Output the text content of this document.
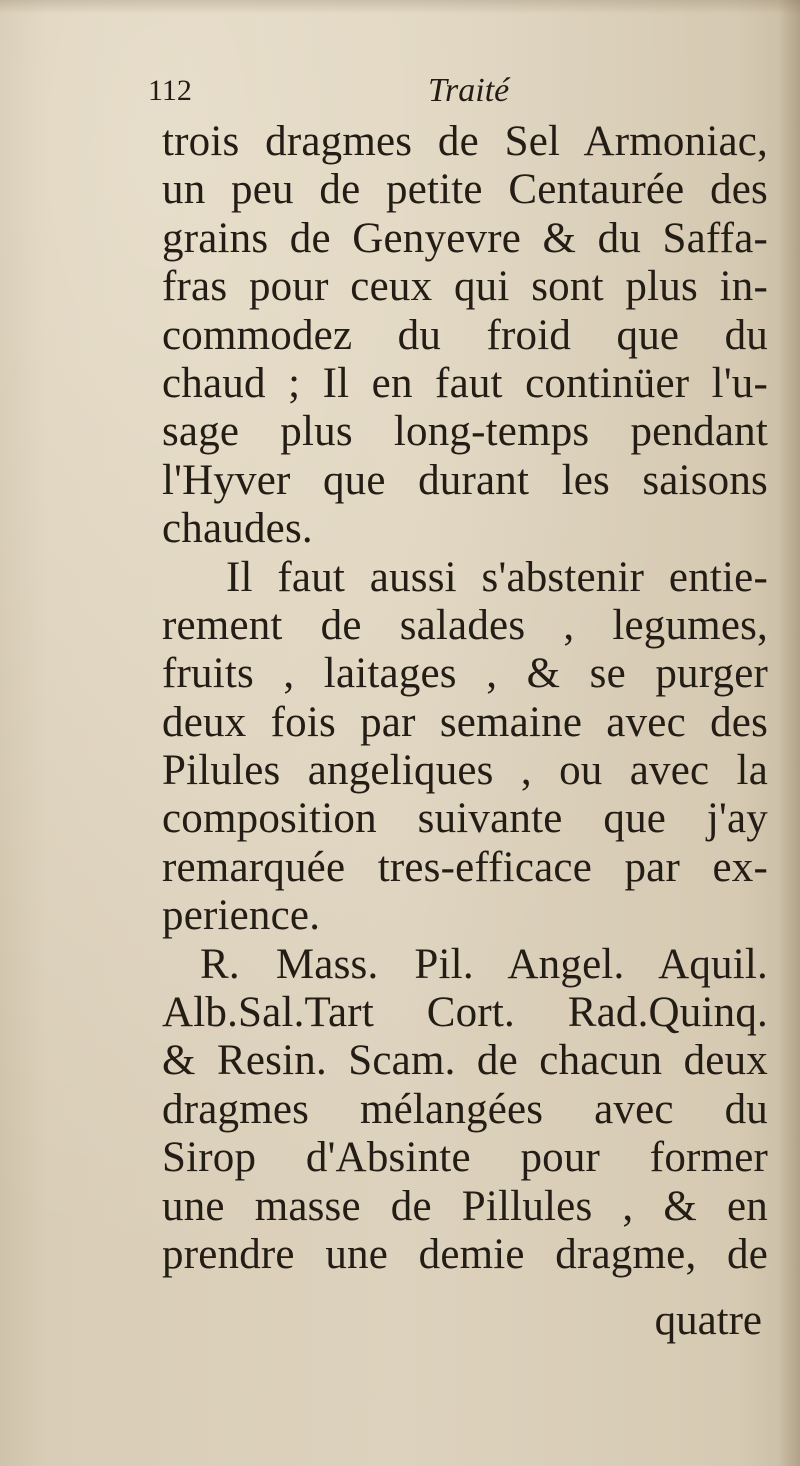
112	Traité
trois dragmes de Sel Armoniac,
un peu de petite Centaurée des
grains de Genyevre & du Saffa-
fras pour ceux qui sont plus in-
commodez du froid que du
chaud ; Il en faut continüer l'u-
sage plus long-temps pendant
l'Hyver que durant les saisons
chaudes.
Il faut aussi s'abstenir entie-
rement de salades , legumes,
fruits , laitages , & se purger
deux fois par semaine avec des
Pilules angeliques , ou avec la
composition suivante que j'ay
remarquée tres-efficace par ex-
perience.
R. Mass. Pil. Angel. Aquil.
Alb.Sal.Tart Cort. Rad.Quinq.
& Resin. Scam. de chacun deux
dragmes mélangées avec du
Sirop d'Absinte pour former
une masse de Pillules , & en
prendre une demie dragme, de
quatre
